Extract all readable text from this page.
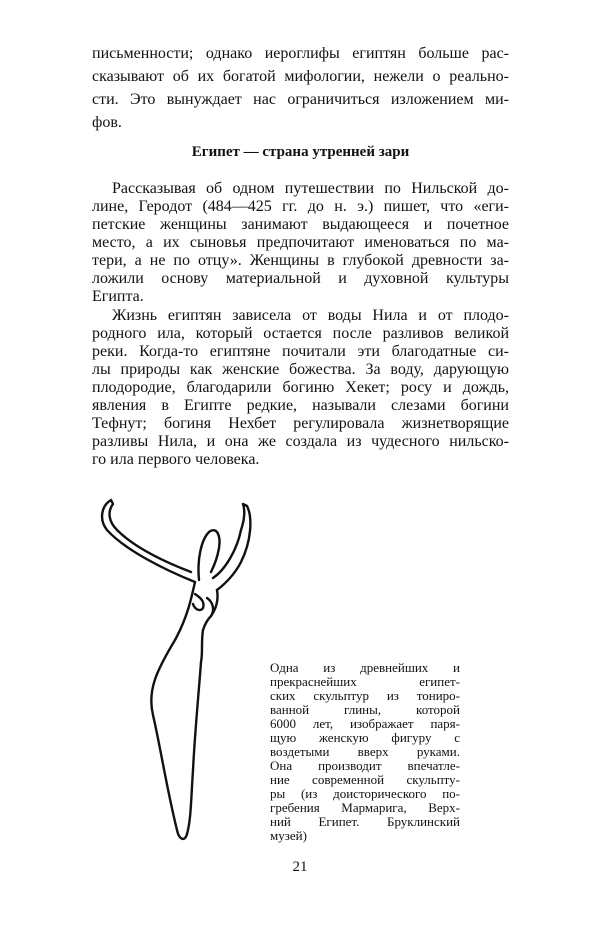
письменности; однако иероглифы египтян больше рас-
сказывают об их богатой мифологии, нежели о реально-
сти. Это вынуждает нас ограничиться изложением ми-
фов.
Египет — страна утренней зари
Рассказывая об одном путешествии по Нильской до-
лине, Геродот (484—425 гг. до н. э.) пишет, что «еги-
петские женщины занимают выдающееся и почетное
место, а их сыновья предпочитают именоваться по ма-
тери, а не по отцу». Женщины в глубокой древности за-
ложили основу материальной и духовной культуры
Египта.
Жизнь египтян зависела от воды Нила и от плодо-
родного ила, который остается после разливов великой
реки. Когда-то египтяне почитали эти благодатные си-
лы природы как женские божества. За воду, дарующую
плодородие, благодарили богиню Хекет; росу и дождь,
явления в Египте редкие, называли слезами богини
Тефнут; богиня Нехбет регулировала жизнетворящие
разливы Нила, и она же создала из чудесного нильско-
го ила первого человека.
Одна из древнейших и
прекраснейших египет-
ских скульптур из тониро-
ванной глины, которой
6000 лет, изображает пaря-
щую женскую фигуру с
воздетыми вверх руками.
Она производит впечатле-
ние современной скульпту-
ры (из доисторического по-
гребения Мармарига, Верх-
ний Египет. Бруклинский
музей)
21
